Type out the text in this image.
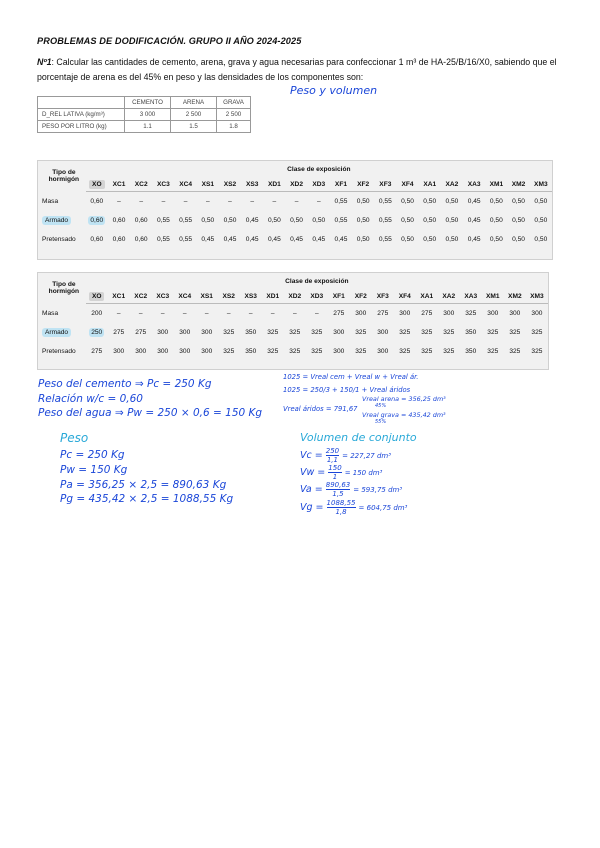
PROBLEMAS DE DODIFICACIÓN. GRUPO II AÑO 2024-2025
Nº1: Calcular las cantidades de cemento, arena, grava y agua necesarias para confeccionar 1 m³ de HA-25/B/16/X0, sabiendo que el porcentaje de arena es del 45% en peso y las densidades de los componentes son:
	CEMENTO	ARENA	GRAVA
D_REL LATIVA (kg/m³)	3 000	2 500	2 500
PESO POR LITRO (kg)	1.1	1.5	1.8
Peso y volumen
Tipo de hormigón	Clase de exposición																				
	XO	XC1	XC2	XC3	XC4	XS1	XS2	XS3	XD1	XD2	XD3	XF1	XF2	XF3	XF4	XA1	XA2	XA3	XM1	XM2	XM3
Masa	0,60	–	–	–	–	–	–	–	–	–	–	0,55	0,50	0,55	0,50	0,50	0,50	0,45	0,50	0,50	0,50
Armado	0,60	0,60	0,60	0,55	0,55	0,50	0,50	0,45	0,50	0,50	0,50	0,55	0,50	0,55	0,50	0,50	0,50	0,45	0,50	0,50	0,50
Pretensado	0,60	0,60	0,60	0,55	0,55	0,45	0,45	0,45	0,45	0,45	0,45	0,45	0,50	0,55	0,50	0,50	0,50	0,45	0,50	0,50	0,50
Tipo de hormigón	Clase de exposición																				
	XO	XC1	XC2	XC3	XC4	XS1	XS2	XS3	XD1	XD2	XD3	XF1	XF2	XF3	XF4	XA1	XA2	XA3	XM1	XM2	XM3
Masa	200	–	–	–	–	–	–	–	–	–	–	275	300	275	300	275	300	325	300	300	300
Armado	250	275	275	300	300	300	325	350	325	325	325	300	325	300	325	325	325	350	325	325	325
Pretensado	275	300	300	300	300	300	325	350	325	325	325	300	325	300	325	325	325	350	325	325	325
Peso del cemento ⇒ Pc = 250 Kg
Relación w/c = 0,60
Peso del agua ⇒ Pw = 250 × 0,6 = 150 Kg
1025 = Vreal cem + Vreal w + Vreal ár.
1025 = 250/3 + 150/1 + Vreal áridos
Vreal áridos = 791,67
Vreal arena = 356,25 dm³
45%
Vreal grava = 435,42 dm³
55%
Peso
Pc = 250 Kg
Pw = 150 Kg
Pa = 356,25 × 2,5 = 890,63 Kg
Pg = 435,42 × 2,5 = 1088,55 Kg
Volumen de conjunto
$Vc = \frac{250}{1,1} = 227,27$ dm³
$Vw = \frac{150}{1} = 150$ dm³
$Va = \frac{890,63}{1,5} = 593,75$ dm³
$Vg = \frac{1088,55}{1,8} = 604,75$ dm³
